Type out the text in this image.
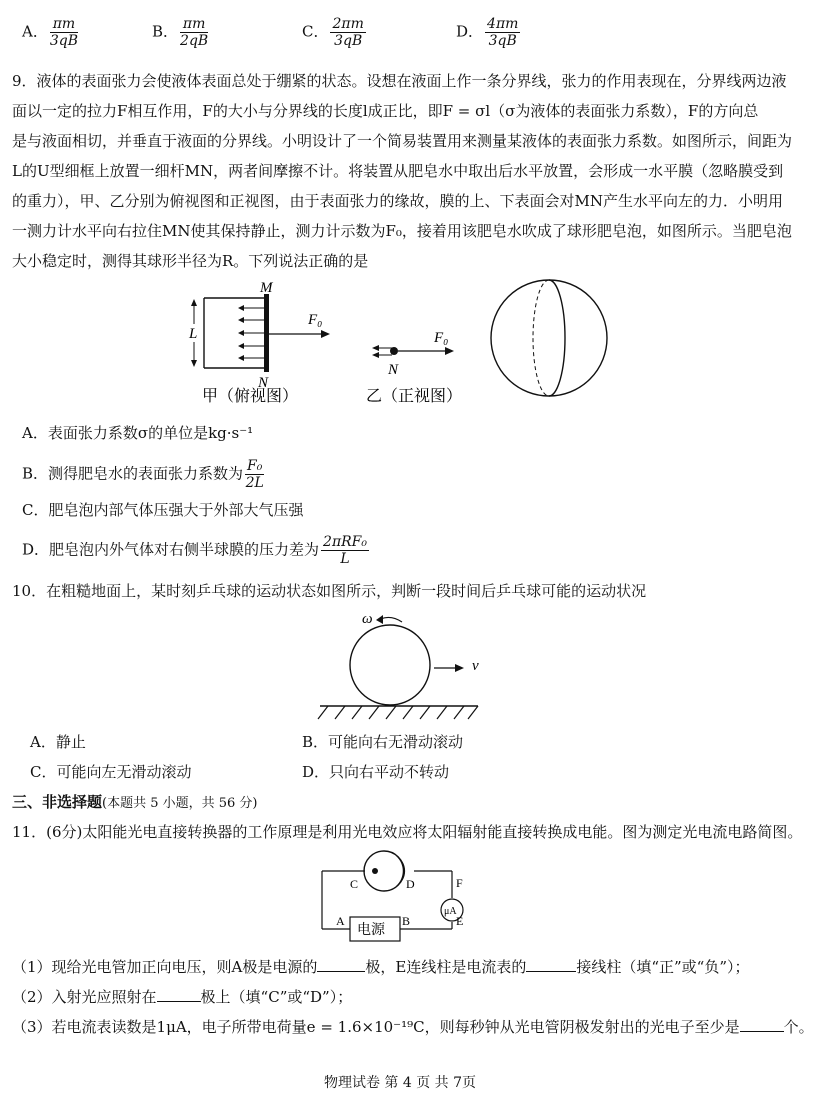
A． $\frac{\pi m}{3qB}$	B． $\frac{\pi m}{2qB}$	C． $\frac{2\pi m}{3qB}$	D． $\frac{4\pi m}{3qB}$
9．液体的表面张力会使液体表面总处于绷紧的状态。设想在液面上作一条分界线，张力的作用表现在，分界线两边液
面以一定的拉力F相互作用，F的大小与分界线的长度l成正比，即F = σl（σ为液体的表面张力系数），F的方向总
是与液面相切，并垂直于液面的分界线。小明设计了一个简易装置用来测量某液体的表面张力系数。如图所示，间距为
L的U型细框上放置一细杆MN，两者间摩擦不计。将装置从肥皂水中取出后水平放置，会形成一水平膜（忽略膜受到
的重力），甲、乙分别为俯视图和正视图，由于表面张力的缘故，膜的上、下表面会对MN产生水平向左的力．小明用
一测力计水平向右拉住MN使其保持静止，测力计示数为F₀，接着用该肥皂水吹成了球形肥皂泡，如图所示。当肥皂泡
大小稳定时，测得其球形半径为R。下列说法正确的是
L
M
N
F₀
甲（俯视图）
F₀
N
乙（正视图）
A．表面张力系数σ的单位是kg·s⁻¹
B．测得肥皂水的表面张力系数为 $\frac{\text{F₀}}{2L}$
C．肥皂泡内部气体压强大于外部大气压强
D．肥皂泡内外气体对右侧半球膜的压力差为 $\frac{\text{2πRF₀}}{L}$
10．在粗糙地面上，某时刻乒乓球的运动状态如图所示，判断一段时间后乒乓球可能的运动状况
ω
v
A．静止	B．可能向右无滑动滚动
C．可能向左无滑动滚动	D．只向右平动不转动
三、非选择题(本题共 5 小题，共 56 分)
11．(6分)太阳能光电直接转换器的工作原理是利用光电效应将太阳辐射能直接转换成电能。图为测定光电流电路简图。
C	D
μA
F
E
电源
A	B
（1）现给光电管加正向电压，则A极是电源的	极，E连线柱是电流表的	接线柱（填“正”或“负”）；
（2）入射光应照射在	极上（填“C”或“D”）；
（3）若电流表读数是1μA，电子所带电荷量e = 1.6×10⁻¹⁹C，则每秒钟从光电管阴极发射出的光电子至少是	个。
物理试卷 第 4 页 共 7页
